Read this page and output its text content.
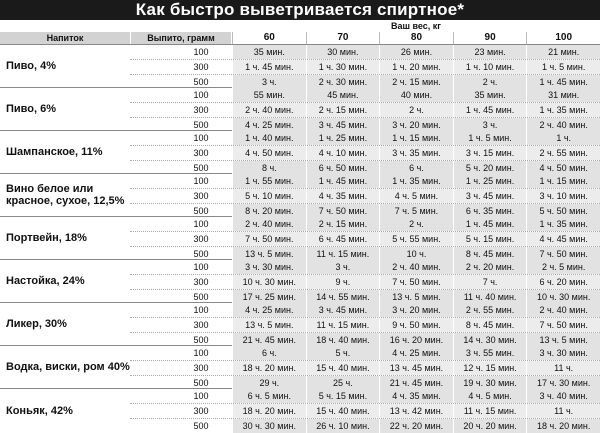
Как быстро выветривается спиртное*
Ваш вес, кг
Напиток	Выпито, грамм	60	70	80	90	100
Пиво, 4%
100	35 мин.	30 мин.	26 мин.	23 мин.	21 мин.
300	1 ч. 45 мин.	1 ч. 30 мин.	1 ч. 20 мин.	1 ч. 10 мин.	1 ч. 5 мин.
500	3 ч.	2 ч. 30 мин.	2 ч. 15 мин.	2 ч.	1 ч. 45 мин.
Пиво, 6%
100	55 мин.	45 мин.	40 мин.	35 мин.	31 мин.
300	2 ч. 40 мин.	2 ч. 15 мин.	2 ч.	1 ч. 45 мин.	1 ч. 35 мин.
500	4 ч. 25 мин.	3 ч. 45 мин.	3 ч. 20 мин.	3 ч.	2 ч. 40 мин.
Шампанское, 11%
100	1 ч. 40 мин.	1 ч. 25 мин.	1 ч. 15 мин.	1 ч. 5 мин.	1 ч.
300	4 ч. 50 мин.	4 ч. 10 мин.	3 ч. 35 мин.	3 ч. 15 мин.	2 ч. 55 мин.
500	8 ч.	6 ч. 50 мин.	6 ч.	5 ч. 20 мин.	4 ч. 50 мин.
Вино белое или красное, сухое, 12,5%
100	1 ч. 55 мин.	1 ч. 45 мин.	1 ч. 35 мин.	1 ч. 25 мин.	1 ч. 15 мин.
300	5 ч. 10 мин.	4 ч. 35 мин.	4 ч. 5 мин.	3 ч. 45 мин.	3 ч. 10 мин.
500	8 ч. 20 мин.	7 ч. 50 мин.	7 ч. 5 мин.	6 ч. 35 мин.	5 ч. 50 мин.
Портвейн, 18%
100	2 ч. 40 мин.	2 ч. 15 мин.	2 ч.	1 ч. 45 мин.	1 ч. 35 мин.
300	7 ч. 50 мин.	6 ч. 45 мин.	5 ч. 55 мин.	5 ч. 15 мин.	4 ч. 45 мин.
500	13 ч. 5 мин.	11 ч. 15 мин.	10 ч.	8 ч. 45 мин.	7 ч. 50 мин.
Настойка, 24%
100	3 ч. 30 мин.	3 ч.	2 ч. 40 мин.	2 ч. 20 мин.	2 ч. 5 мин.
300	10 ч. 30 мин.	9 ч.	7 ч. 50 мин.	7 ч.	6 ч. 20 мин.
500	17 ч. 25 мин.	14 ч. 55 мин.	13 ч. 5 мин.	11 ч. 40 мин.	10 ч. 30 мин.
Ликер, 30%
100	4 ч. 25 мин.	3 ч. 45 мин.	3 ч. 20 мин.	2 ч. 55 мин.	2 ч. 40 мин.
300	13 ч. 5 мин.	11 ч. 15 мин.	9 ч. 50 мин.	8 ч. 45 мин.	7 ч. 50 мин.
500	21 ч. 45 мин.	18 ч. 40 мин.	16 ч. 20 мин.	14 ч. 30 мин.	13 ч. 5 мин.
Водка, виски, ром 40%
100	6 ч.	5 ч.	4 ч. 25 мин.	3 ч. 55 мин.	3 ч. 30 мин.
300	18 ч. 20 мин.	15 ч. 40 мин.	13 ч. 45 мин.	12 ч. 15 мин.	11 ч.
500	29 ч.	25 ч.	21 ч. 45 мин.	19 ч. 30 мин.	17 ч. 30 мин.
Коньяк, 42%
100	6 ч. 5 мин.	5 ч. 15 мин.	4 ч. 35 мин.	4 ч. 5 мин.	3 ч. 40 мин.
300	18 ч. 20 мин.	15 ч. 40 мин.	13 ч. 42 мин.	11 ч. 15 мин.	11 ч.
500	30 ч. 30 мин.	26 ч. 10 мин.	22 ч. 20 мин.	20 ч. 20 мин.	18 ч. 20 мин.
